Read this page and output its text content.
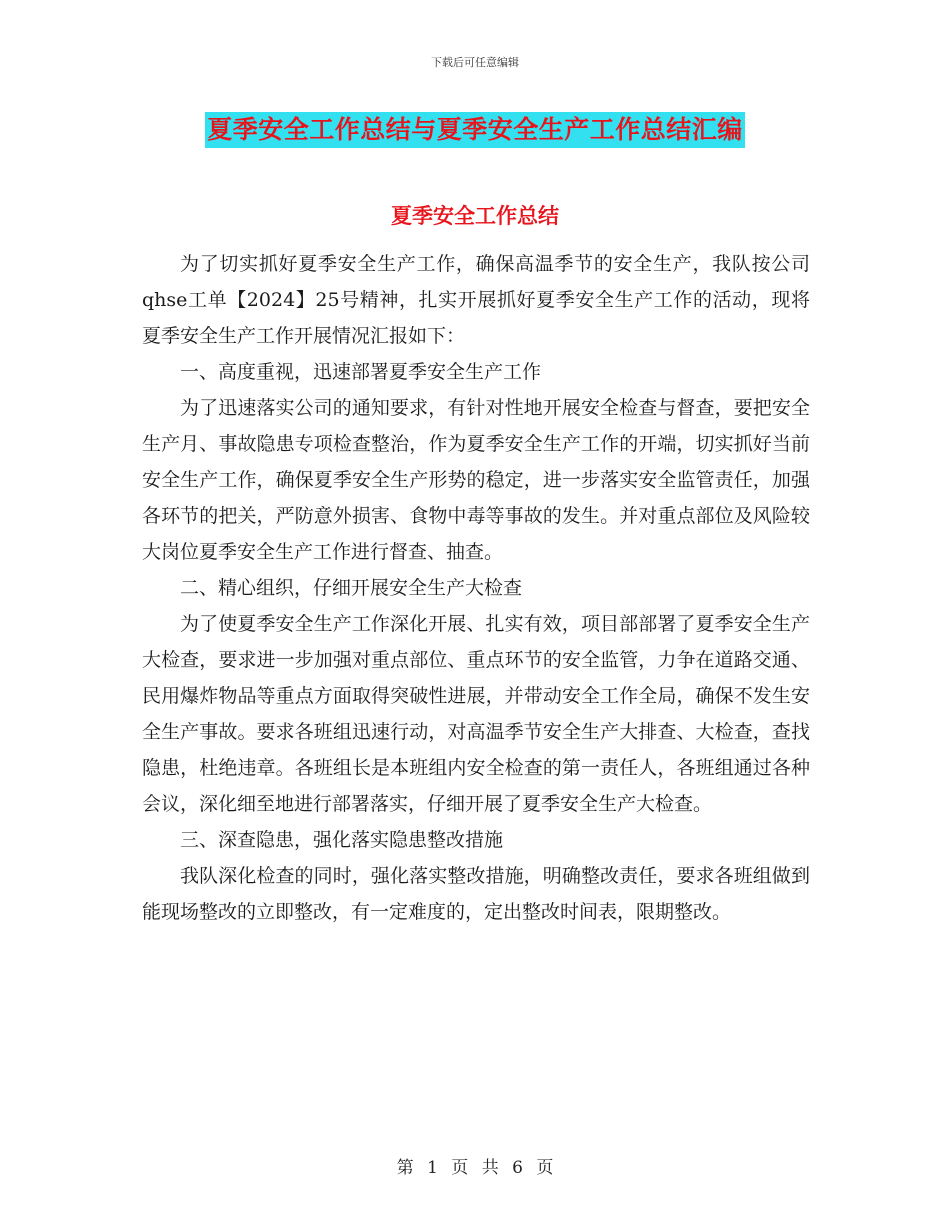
下载后可任意编辑
夏季安全工作总结与夏季安全生产工作总结汇编
夏季安全工作总结

为了切实抓好夏季安全生产工作，确保高温季节的安全生产，我队按公司qhse工单【2024】25号精神，扎实开展抓好夏季安全生产工作的活动，现将夏季安全生产工作开展情况汇报如下：

一、高度重视，迅速部署夏季安全生产工作

为了迅速落实公司的通知要求，有针对性地开展安全检查与督查，要把安全生产月、事故隐患专项检查整治，作为夏季安全生产工作的开端，切实抓好当前安全生产工作，确保夏季安全生产形势的稳定，进一步落实安全监管责任，加强各环节的把关，严防意外损害、食物中毒等事故的发生。并对重点部位及风险较大岗位夏季安全生产工作进行督查、抽查。

二、精心组织，仔细开展安全生产大检查

为了使夏季安全生产工作深化开展、扎实有效，项目部部署了夏季安全生产大检查，要求进一步加强对重点部位、重点环节的安全监管，力争在道路交通、民用爆炸物品等重点方面取得突破性进展，并带动安全工作全局，确保不发生安全生产事故。要求各班组迅速行动，对高温季节安全生产大排查、大检查，查找隐患，杜绝违章。各班组长是本班组内安全检查的第一责任人，各班组通过各种会议，深化细至地进行部署落实，仔细开展了夏季安全生产大检查。

三、深查隐患，强化落实隐患整改措施

我队深化检查的同时，强化落实整改措施，明确整改责任，要求各班组做到能现场整改的立即整改，有一定难度的，定出整改时间表，限期整改。

第 1 页 共 6 页
